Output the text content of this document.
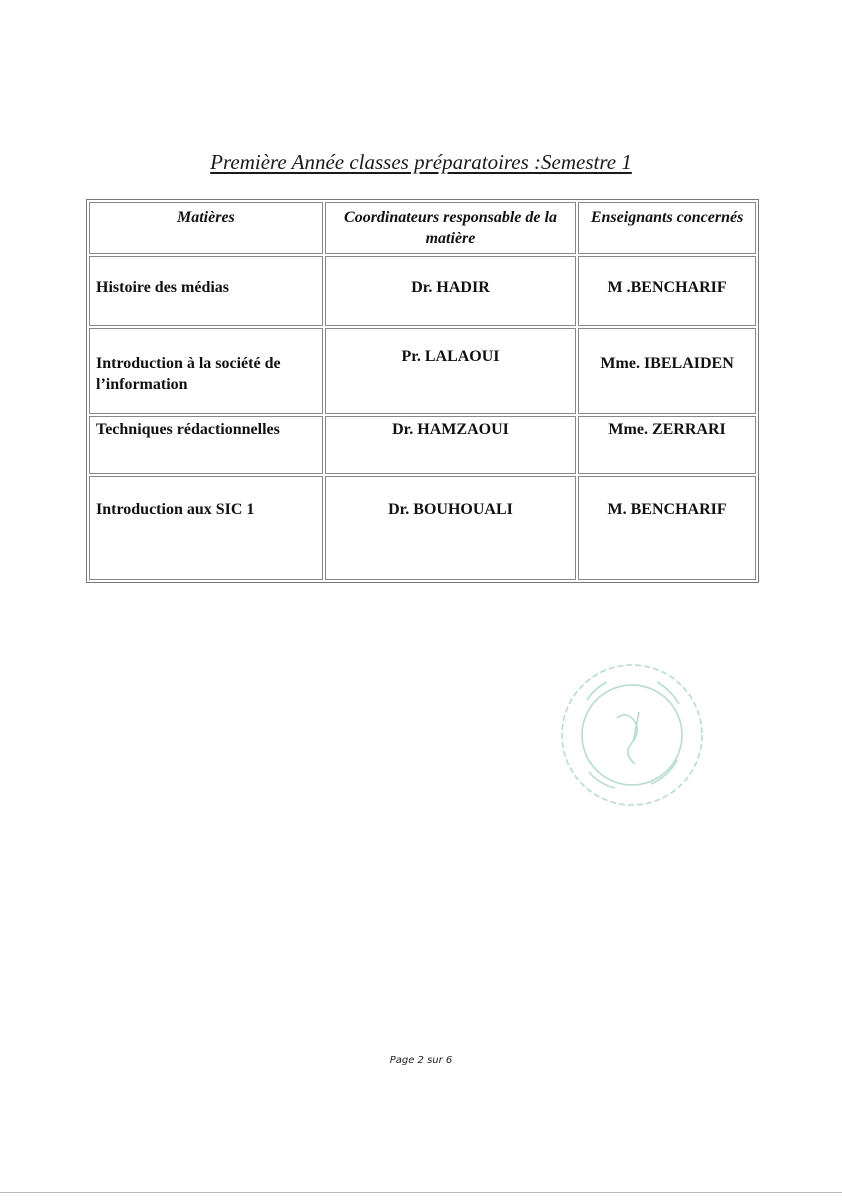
Première Année classes préparatoires :Semestre 1
Matières	Coordinateurs responsable de la matière	Enseignants concernés
Histoire des médias	Dr. HADIR	M .BENCHARIF
Introduction à la société de l’information	Pr. LALAOUI	Mme. IBELAIDEN
Techniques rédactionnelles	Dr. HAMZAOUI	Mme. ZERRARI
Introduction aux SIC 1	Dr. BOUHOUALI	M. BENCHARIF
Page 2 sur 6
